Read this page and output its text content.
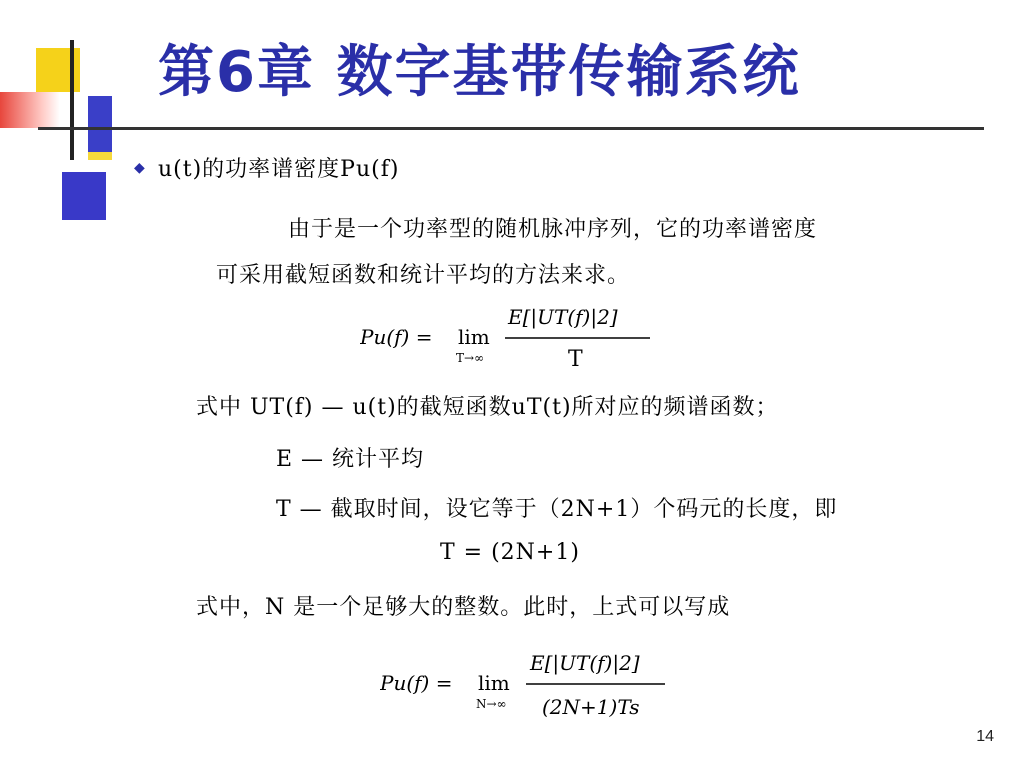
第6章 数字基带传输系统
◆ u(t)的功率谱密度Pu(f)
由于是一个功率型的随机脉冲序列，它的功率谱密度
可采用截短函数和统计平均的方法来求。
Pu(f) = lim
T→∞
E[|UT(f)|2]
T
式中 UT(f) — u(t)的截短函数uT(t)所对应的频谱函数；
E — 统计平均
T — 截取时间，设它等于（2N+1）个码元的长度，即
T = (2N+1)
式中，N 是一个足够大的整数。此时，上式可以写成
Pu(f) = lim
N→∞
E[|UT(f)|2]
(2N+1)Ts
14
